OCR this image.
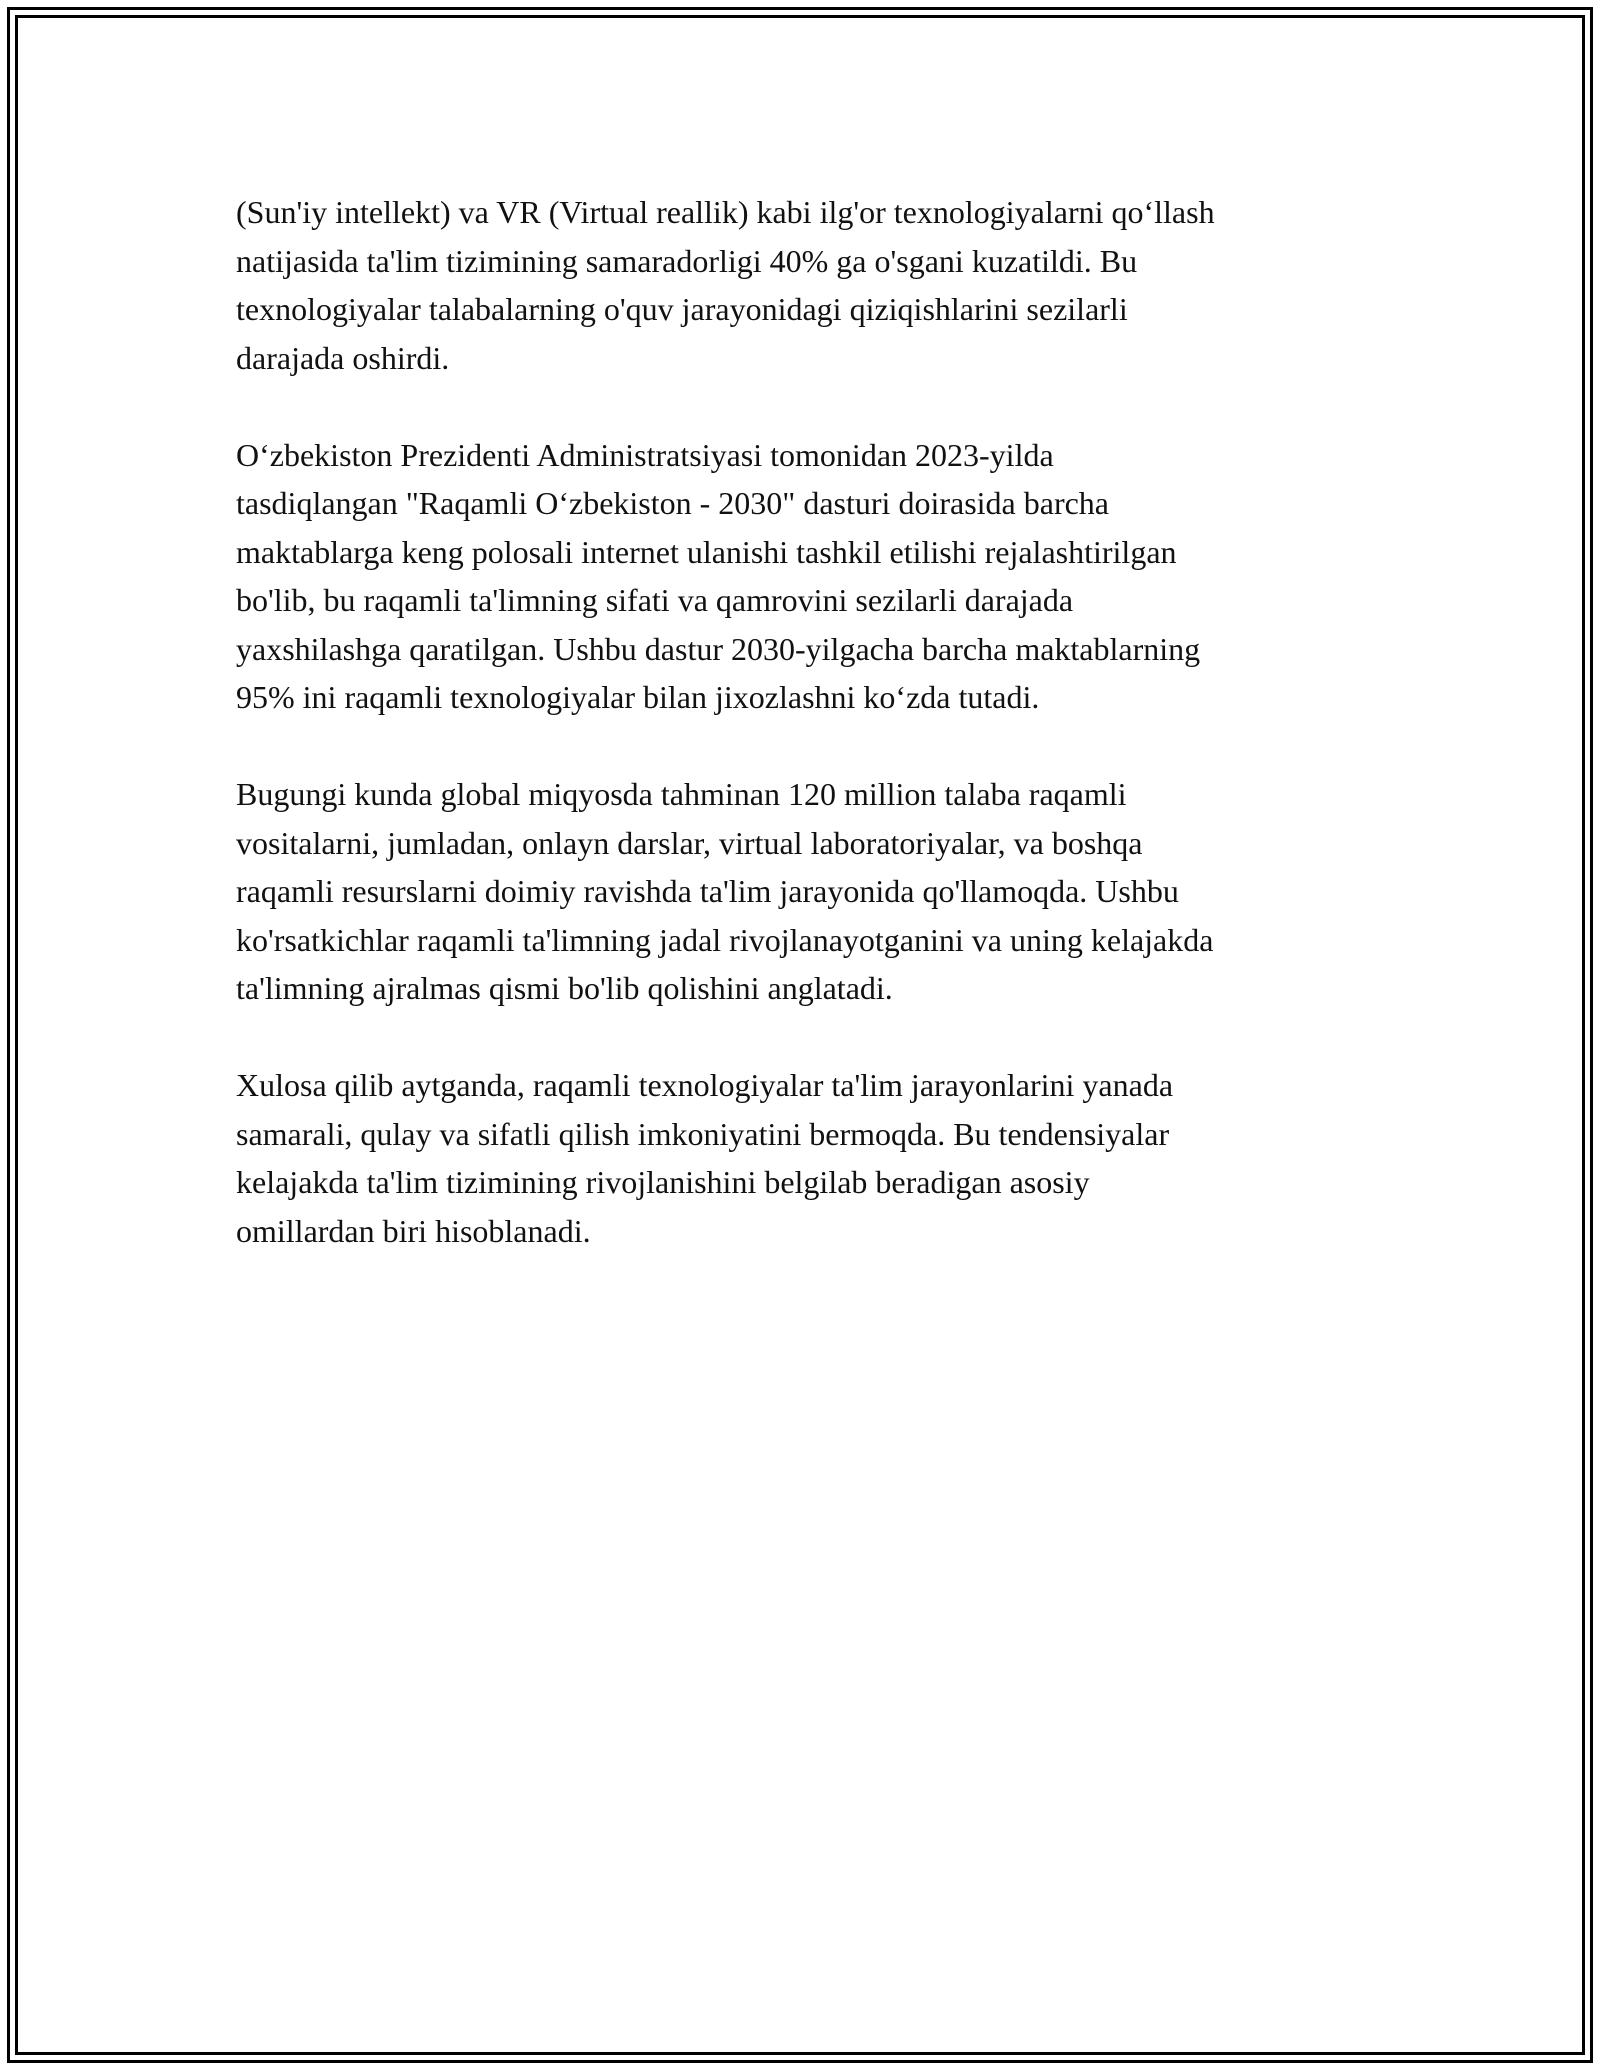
(Sun'iy intellekt) va VR (Virtual reallik) kabi ilg'or texnologiyalarni qo‘llash
natijasida ta'lim tizimining samaradorligi 40% ga o'sgani kuzatildi. Bu
texnologiyalar talabalarning o'quv jarayonidagi qiziqishlarini sezilarli
darajada oshirdi.

O‘zbekiston Prezidenti Administratsiyasi tomonidan 2023-yilda
tasdiqlangan "Raqamli O‘zbekiston - 2030" dasturi doirasida barcha
maktablarga keng polosali internet ulanishi tashkil etilishi rejalashtirilgan
bo'lib, bu raqamli ta'limning sifati va qamrovini sezilarli darajada
yaxshilashga qaratilgan. Ushbu dastur 2030-yilgacha barcha maktablarning
95% ini raqamli texnologiyalar bilan jixozlashni ko‘zda tutadi.

Bugungi kunda global miqyosda tahminan 120 million talaba raqamli
vositalarni, jumladan, onlayn darslar, virtual laboratoriyalar, va boshqa
raqamli resurslarni doimiy ravishda ta'lim jarayonida qo'llamoqda. Ushbu
ko'rsatkichlar raqamli ta'limning jadal rivojlanayotganini va uning kelajakda
ta'limning ajralmas qismi bo'lib qolishini anglatadi.

Xulosa qilib aytganda, raqamli texnologiyalar ta'lim jarayonlarini yanada
samarali, qulay va sifatli qilish imkoniyatini bermoqda. Bu tendensiyalar
kelajakda ta'lim tizimining rivojlanishini belgilab beradigan asosiy
omillardan biri hisoblanadi.
